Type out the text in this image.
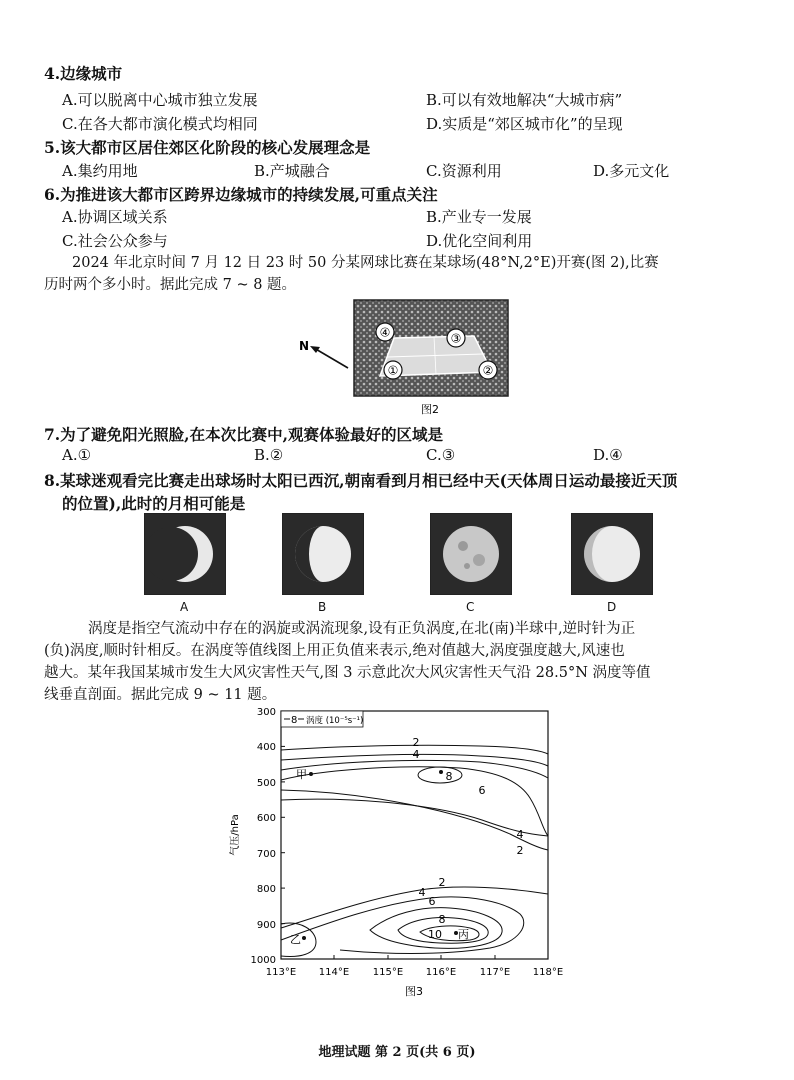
4.边缘城市
A.可以脱离中心城市独立发展	B.可以有效地解决“大城市病”
C.在各大都市演化模式均相同	D.实质是“郊区城市化”的呈现
5.该大都市区居住郊区化阶段的核心发展理念是
A.集约用地	B.产城融合	C.资源利用	D.多元文化
6.为推进该大都市区跨界边缘城市的持续发展,可重点关注
A.协调区域关系	B.产业专一发展
C.社会公众参与	D.优化空间利用
2024 年北京时间 7 月 12 日 23 时 50 分某网球比赛在某球场(48°N,2°E)开赛(图 2),比赛
历时两个多小时。据此完成 7 ~ 8 题。
N
④	③
①	②
图2
7.为了避免阳光照脸,在本次比赛中,观赛体验最好的区域是
A.①	B.②	C.③	D.④
8.某球迷观看完比赛走出球场时太阳已西沉,朝南看到月相已经中天(天体周日运动最接近天顶
的位置),此时的月相可能是
A	B	C	D
涡度是指空气流动中存在的涡旋或涡流现象,设有正负涡度,在北(南)半球中,逆时针为正
(负)涡度,顺时针相反。在涡度等值线图上用正负值来表示,绝对值越大,涡度强度越大,风速也
越大。某年我国某城市发生大风灾害性天气,图 3 示意此次大风灾害性天气沿 28.5°N 涡度等值
线垂直剖面。据此完成 9 ~ 11 题。
300
400
500
600
700
800
900
1000
气压/hPa
113°E 114°E 115°E 116°E 117°E 118°E
8 涡度 (10⁻⁵s⁻¹)
2
4
6
8
4
2
2
4
6
8
10
甲
乙	丙
图3
地理试题 第 2 页(共 6 页)
